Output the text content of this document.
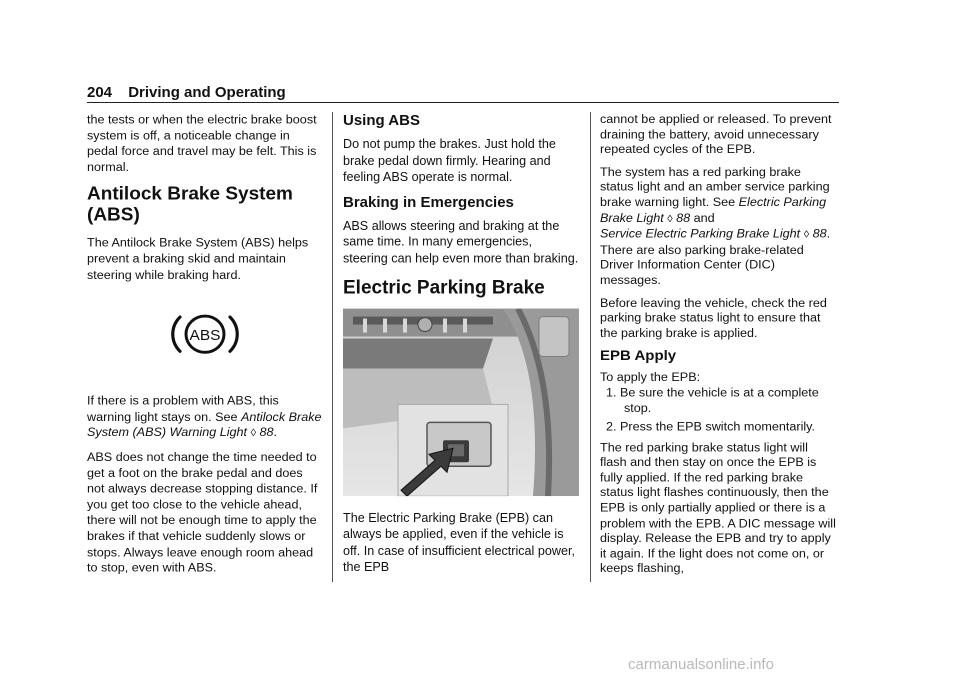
204 Driving and Operating

the tests or when the electric brake boost system is off, a noticeable change in pedal force and travel may be felt. This is normal.

Antilock Brake System (ABS)

The Antilock Brake System (ABS) helps prevent a braking skid and maintain steering while braking hard.

ABS

If there is a problem with ABS, this warning light stays on. See Antilock Brake System (ABS) Warning Light ◊ 88.

ABS does not change the time needed to get a foot on the brake pedal and does not always decrease stopping distance. If you get too close to the vehicle ahead, there will not be enough time to apply the brakes if that vehicle suddenly slows or stops. Always leave enough room ahead to stop, even with ABS.

Using ABS

Do not pump the brakes. Just hold the brake pedal down firmly. Hearing and feeling ABS operate is normal.

Braking in Emergencies

ABS allows steering and braking at the same time. In many emergencies, steering can help even more than braking.

Electric Parking Brake

The Electric Parking Brake (EPB) can always be applied, even if the vehicle is off. In case of insufficient electrical power, the EPB

cannot be applied or released. To prevent draining the battery, avoid unnecessary repeated cycles of the EPB.

The system has a red parking brake status light and an amber service parking brake warning light. See Electric Parking Brake Light ◊ 88 and
Service Electric Parking Brake Light ◊ 88. There are also parking brake-related Driver Information Center (DIC) messages.

Before leaving the vehicle, check the red parking brake status light to ensure that the parking brake is applied.

EPB Apply

To apply the EPB:

1. Be sure the vehicle is at a complete stop.
2. Press the EPB switch momentarily.

The red parking brake status light will flash and then stay on once the EPB is fully applied. If the red parking brake status light flashes continuously, then the EPB is only partially applied or there is a problem with the EPB. A DIC message will display. Release the EPB and try to apply it again. If the light does not come on, or keeps flashing,

carmanualsonline.info
